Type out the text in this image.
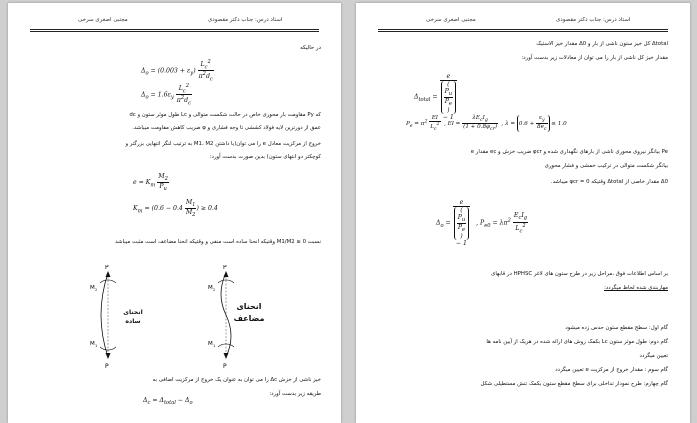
مجتبی اصغری سرخی	استاد درس: جناب دکتر مقصودی
در حالیکه
$\Delta_o = (0.003 + \varepsilon_y) \frac{L_c^2}{\pi^2d_c}$
$\Delta_o = 1.6\varepsilon_y \frac{L_c^2}{\pi^2d_c}$
که Py مقاومت بار محوری خاص در حالت شکست متوالی و Lc طول موثر ستون و dc
عمق از دورترین لایه فولاد کششی تا وجه فشاری و φ ضریب کاهش مقاومت میباشد.
خروج از مرکزیت معادل e را می توان(با داشتن M1، M2 به ترتیب لنگر انتهایی بزرگتر و
کوچکتر دو انتهای ستون) بدین صورت بدست آورد:
$e = K_m \frac{M_2}{P_u}$
$K_m = (0.6 - 0.4 \frac{M_1}{M_2}$ ) ≥ 0.4
نسبت M1/M2 ≥ 0 وقتیکه انحنا ساده است منفی و وقتیکه انحنا مضاعف است مثبت میباشد
P
P
M 2
M 1
P
P
M 2
M 1
انحنای ساده
انحنای مضاعف
خیز ناشی از خزش Δc را می توان به عنوان یک خروج از مرکزیت اضافی به
طریقه زیر بدست آورد:
$\Delta_c = \Delta_{total} - \Delta_o$
مجتبی اصغری سرخی	استاد درس: جناب دکتر مقصودی
Δtotal کل خیز ستون ناشی از بار و Δ0 مقدار خیز الاستیک
مقدار خیز کل ناشی از بار را می توان از معادلات زیر بدست آورد:
$\Delta_{total} = e$
(
$P_u$
$P_e$
)
− 1
$P_e = \pi^2 \frac{EI}{L_c^2}$ , EI = $\frac{\lambda E_cI_g}{(1 + 0.8\varphi_{cr})}$ , $\lambda = 0.6 + \frac{\varepsilon_y}{8e_c} \le 1.0$
Pe بیانگر نیروی محوری ناشی از بارهای نگهداری شده و φcr ضریب خزش و ec مقدار e
بیانگر شکست متوالی در ترکیب خمشی و فشار محوری
Δ0 مقدار خاصی از Δtotal وقتیکه φcr = 0 میباشد.
$\Delta_o = e$
(
$P_u$
$P_e$
)
− 1 , $P_{e0} = \lambda\pi^2 \frac{E_cI_g}{L_c^2}$
بر اساس اطلاعات فوق ،مراحل زیر در طرح ستون های لاغر HPHSC در قابهای
مهاربندی شده لحاظ میگردد:
گام اول: سطح مقطع ستون حدس زده میشود
گام دوم: طول موثر ستون Lc بکمک روش های ارائه شده در هریک از آیین نامه ها
تعیین میگردد
گام سوم : مقدار خروج از مرکزیت e تعیین میگردد
گام چهارم: طرح نمودار تداخلی برای سطح مقطع ستون بکمک تنش مستطیلی شکل
